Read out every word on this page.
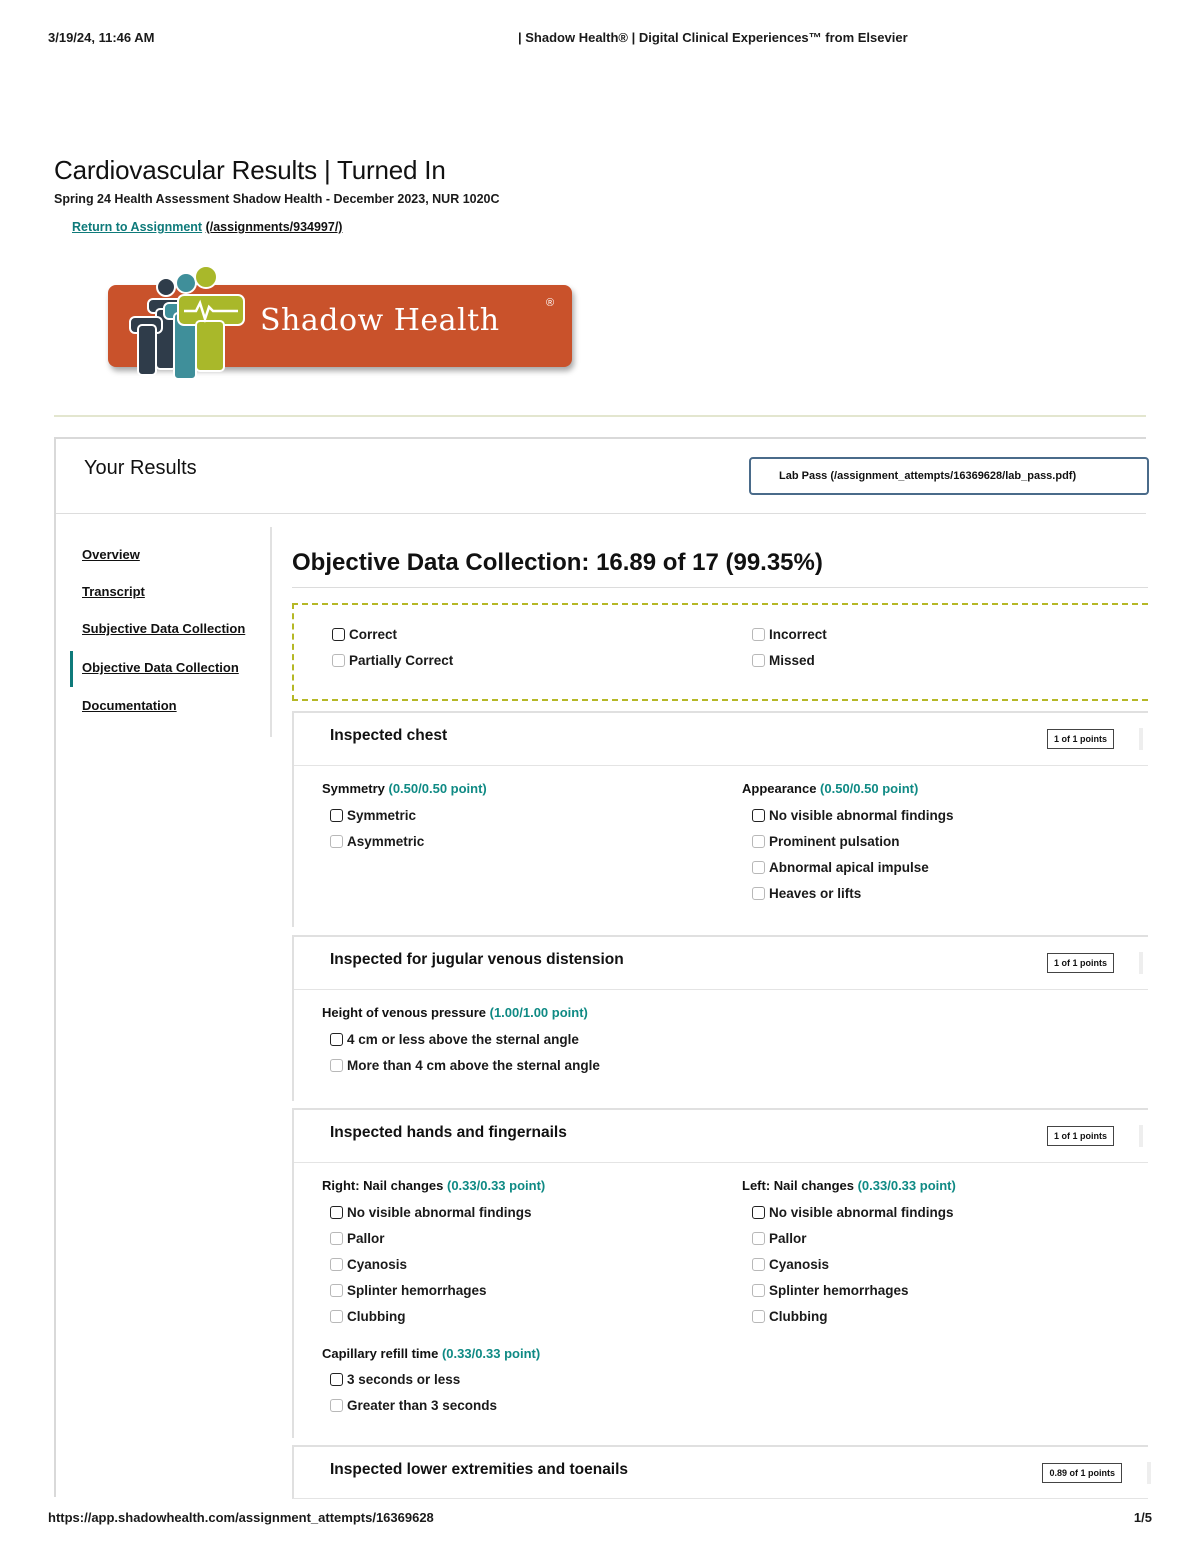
3/19/24, 11:46 AM	| Shadow Health® | Digital Clinical Experiences™ from Elsevier
Cardiovascular Results | Turned In
Spring 24 Health Assessment Shadow Health - December 2023, NUR 1020C
Return to Assignment (/assignments/934997/)
Shadow Health	®
Your Results	Lab Pass (/assignment_attempts/16369628/lab_pass.pdf)
Overview
Transcript
Subjective Data Collection
Objective Data Collection
Documentation
Objective Data Collection: 16.89 of 17 (99.35%)
Correct
Partially Correct
Incorrect
Missed
Inspected chest	1 of 1 points
Symmetry (0.50/0.50 point)
Symmetric
Asymmetric
Appearance (0.50/0.50 point)
No visible abnormal findings
Prominent pulsation
Abnormal apical impulse
Heaves or lifts
Inspected for jugular venous distension	1 of 1 points
Height of venous pressure (1.00/1.00 point)
4 cm or less above the sternal angle
More than 4 cm above the sternal angle
Inspected hands and fingernails	1 of 1 points
Right: Nail changes (0.33/0.33 point)
No visible abnormal findings
Pallor
Cyanosis
Splinter hemorrhages
Clubbing
Left: Nail changes (0.33/0.33 point)
No visible abnormal findings
Pallor
Cyanosis
Splinter hemorrhages
Clubbing
Capillary refill time (0.33/0.33 point)
3 seconds or less
Greater than 3 seconds
Inspected lower extremities and toenails	0.89 of 1 points
https://app.shadowhealth.com/assignment_attempts/16369628	1/5
